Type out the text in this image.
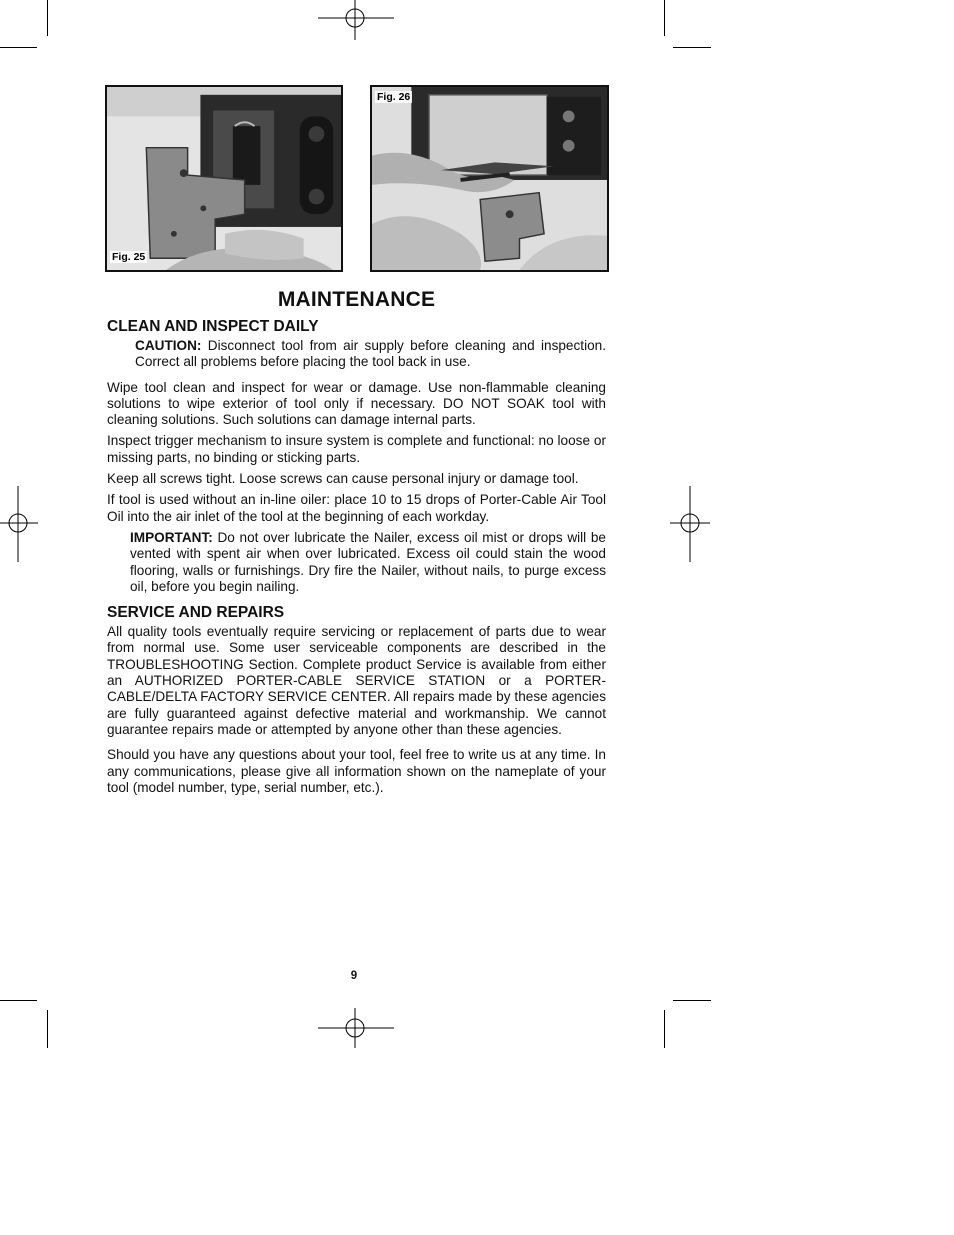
Fig. 25
Fig. 26
MAINTENANCE
CLEAN AND INSPECT DAILY

CAUTION: Disconnect tool from air supply before cleaning and inspection. Correct all problems before placing the tool back in use.

Wipe tool clean and inspect for wear or damage. Use non-flammable cleaning solutions to wipe exterior of tool only if necessary. DO NOT SOAK tool with cleaning solutions. Such solutions can damage internal parts.

Inspect trigger mechanism to insure system is complete and functional: no loose or missing parts, no binding or sticking parts.

Keep all screws tight. Loose screws can cause personal injury or damage tool.

If tool is used without an in-line oiler: place 10 to 15 drops of Porter-Cable Air Tool Oil into the air inlet of the tool at the beginning of each workday.

IMPORTANT: Do not over lubricate the Nailer, excess oil mist or drops will be vented with spent air when over lubricated. Excess oil could stain the wood flooring, walls or furnishings. Dry fire the Nailer, without nails, to purge excess oil, before you begin nailing.

SERVICE AND REPAIRS

All quality tools eventually require servicing or replacement of parts due to wear from normal use. Some user serviceable components are described in the TROUBLESHOOTING Section. Complete product Service is available from either an AUTHORIZED PORTER-CABLE SERVICE STATION or a PORTER-CABLE/DELTA FACTORY SERVICE CENTER. All repairs made by these agencies are fully guaranteed against defective material and workmanship. We cannot guarantee repairs made or attempted by anyone other than these agencies.

Should you have any questions about your tool, feel free to write us at any time. In any communications, please give all information shown on the nameplate of your tool (model number, type, serial number, etc.).

9
